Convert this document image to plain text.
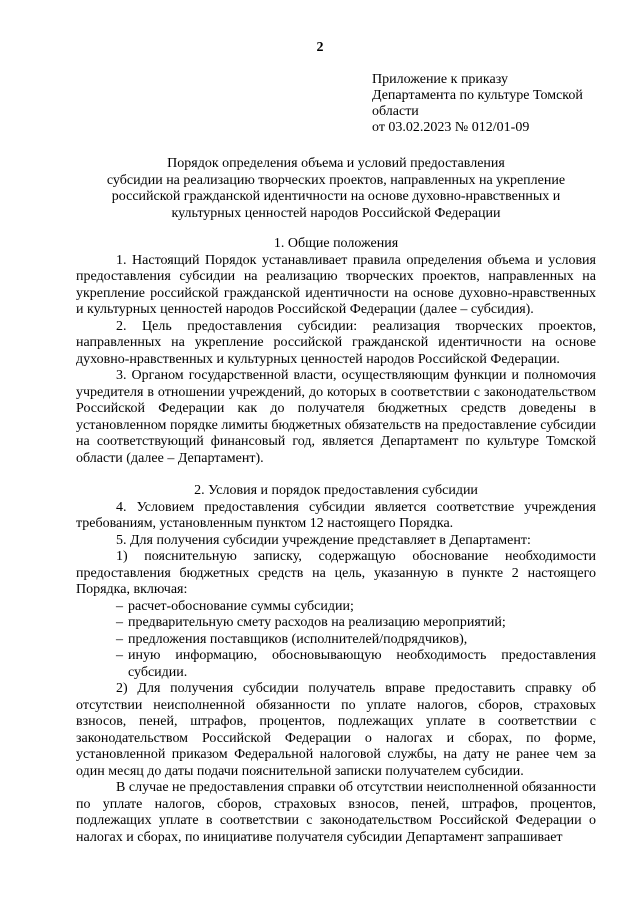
2
Приложение к приказу
Департамента по культуре Томской
области
от 03.02.2023 № 012/01-09
Порядок определения объема и условий предоставления
субсидии на реализацию творческих проектов, направленных на укрепление
российской гражданской идентичности на основе духовно-нравственных и
культурных ценностей народов Российской Федерации
1. Общие положения

1. Настоящий Порядок устанавливает правила определения объема и условия предоставления субсидии на реализацию творческих проектов, направленных на укрепление российской гражданской идентичности на основе духовно-нравственных и культурных ценностей народов Российской Федерации (далее – субсидия).

2. Цель предоставления субсидии: реализация творческих проектов, направленных на укрепление российской гражданской идентичности на основе духовно-нравственных и культурных ценностей народов Российской Федерации.

3. Органом государственной власти, осуществляющим функции и полномочия учредителя в отношении учреждений, до которых в соответствии с законодательством Российской Федерации как до получателя бюджетных средств доведены в установленном порядке лимиты бюджетных обязательств на предоставление субсидии на соответствующий финансовый год, является Департамент по культуре Томской области (далее – Департамент).

2. Условия и порядок предоставления субсидии

4. Условием предоставления субсидии является соответствие учреждения требованиям, установленным пунктом 12 настоящего Порядка.

5. Для получения субсидии учреждение представляет в Департамент:

1) пояснительную записку, содержащую обоснование необходимости предоставления бюджетных средств на цель, указанную в пункте 2 настоящего Порядка, включая:

– расчет-обоснование суммы субсидии;
– предварительную смету расходов на реализацию мероприятий;
– предложения поставщиков (исполнителей/подрядчиков),
– иную информацию, обосновывающую необходимость предоставления субсидии.

2) Для получения субсидии получатель вправе предоставить справку об отсутствии неисполненной обязанности по уплате налогов, сборов, страховых взносов, пеней, штрафов, процентов, подлежащих уплате в соответствии с законодательством Российской Федерации о налогах и сборах, по форме, установленной приказом Федеральной налоговой службы, на дату не ранее чем за один месяц до даты подачи пояснительной записки получателем субсидии.

В случае не предоставления справки об отсутствии неисполненной обязанности по уплате налогов, сборов, страховых взносов, пеней, штрафов, процентов, подлежащих уплате в соответствии с законодательством Российской Федерации о налогах и сборах, по инициативе получателя субсидии Департамент запрашивает
